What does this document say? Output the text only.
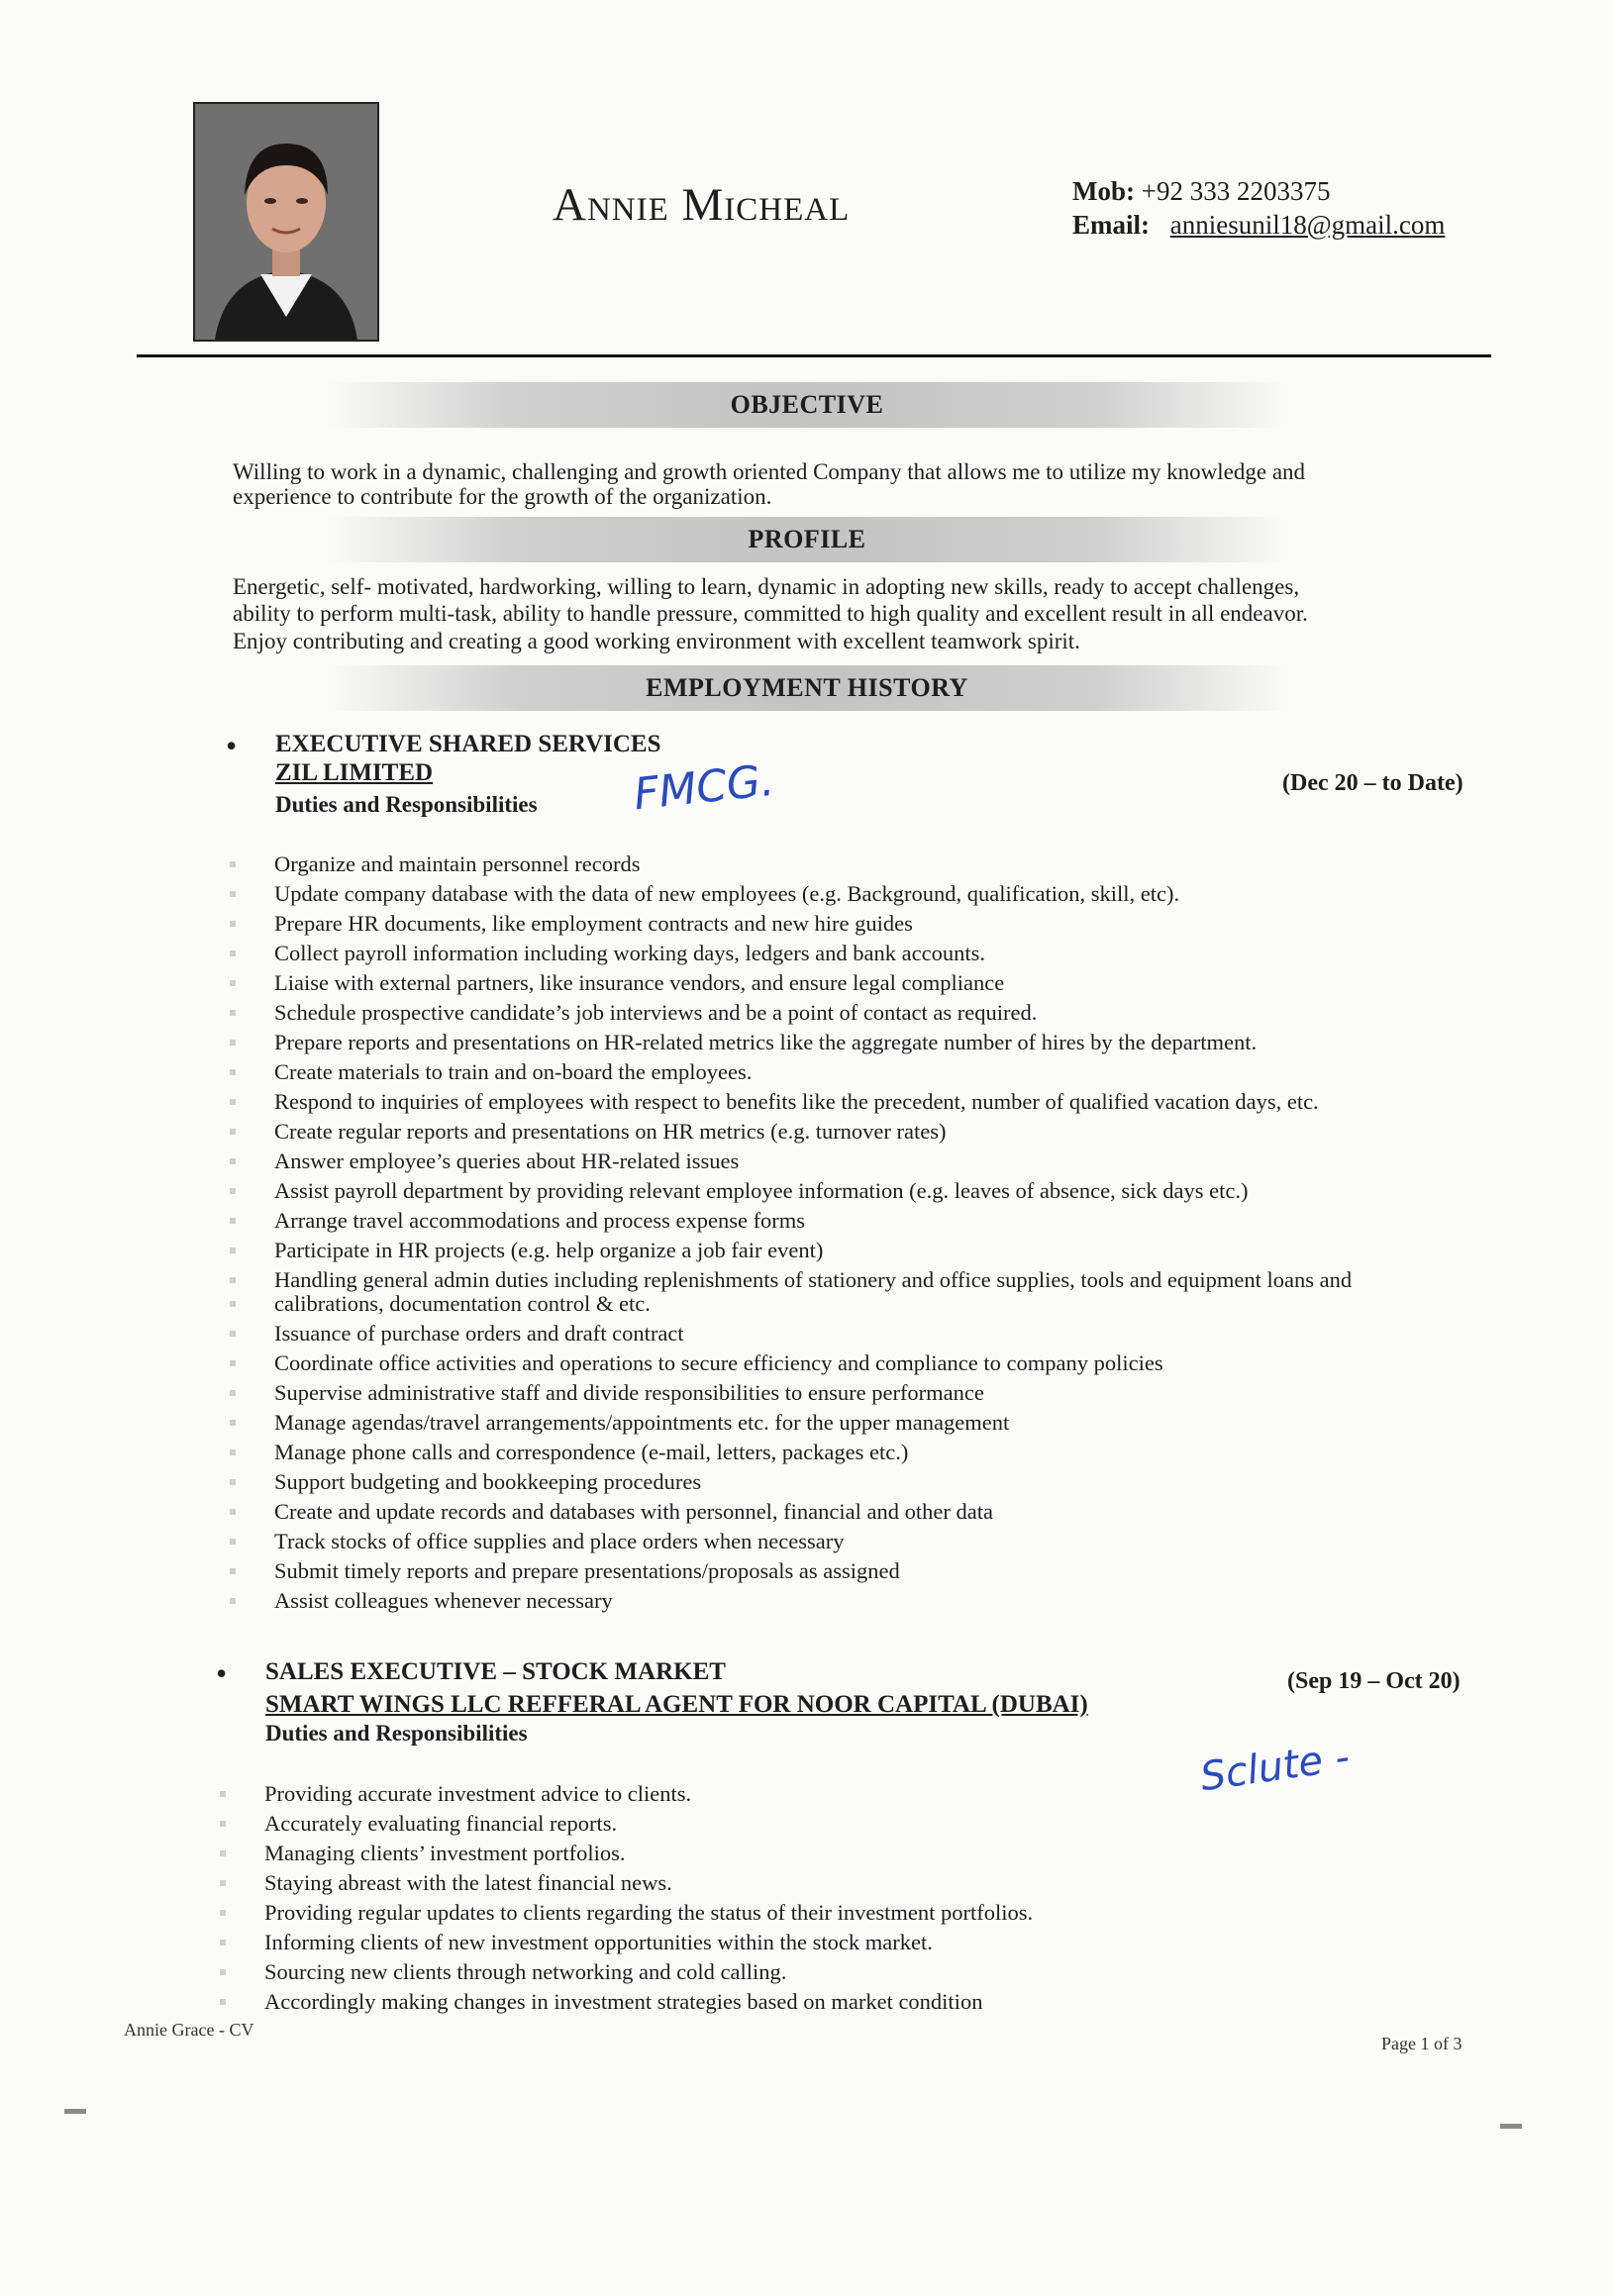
Annie Micheal	Mob: +92 333 2203375
Email: anniesunil18@gmail.com
OBJECTIVE
Willing to work in a dynamic, challenging and growth oriented Company that allows me to utilize my knowledge and
experience to contribute for the growth of the organization.
PROFILE
Energetic, self- motivated, hardworking, willing to learn, dynamic in adopting new skills, ready to accept challenges,
ability to perform multi-task, ability to handle pressure, committed to high quality and excellent result in all endeavor.
Enjoy contributing and creating a good working environment with excellent teamwork spirit.
EMPLOYMENT HISTORY
• EXECUTIVE SHARED SERVICES
ZIL LIMITED
Duties and Responsibilities
(Dec 20 – to Date)
FMCG.
Organize and maintain personnel records
Update company database with the data of new employees (e.g. Background, qualification, skill, etc).
Prepare HR documents, like employment contracts and new hire guides
Collect payroll information including working days, ledgers and bank accounts.
Liaise with external partners, like insurance vendors, and ensure legal compliance
Schedule prospective candidate’s job interviews and be a point of contact as required.
Prepare reports and presentations on HR-related metrics like the aggregate number of hires by the department.
Create materials to train and on-board the employees.
Respond to inquiries of employees with respect to benefits like the precedent, number of qualified vacation days, etc.
Create regular reports and presentations on HR metrics (e.g. turnover rates)
Answer employee’s queries about HR-related issues
Assist payroll department by providing relevant employee information (e.g. leaves of absence, sick days etc.)
Arrange travel accommodations and process expense forms
Participate in HR projects (e.g. help organize a job fair event)
Handling general admin duties including replenishments of stationery and office supplies, tools and equipment loans and
calibrations, documentation control & etc.
Issuance of purchase orders and draft contract
Coordinate office activities and operations to secure efficiency and compliance to company policies
Supervise administrative staff and divide responsibilities to ensure performance
Manage agendas/travel arrangements/appointments etc. for the upper management
Manage phone calls and correspondence (e-mail, letters, packages etc.)
Support budgeting and bookkeeping procedures
Create and update records and databases with personnel, financial and other data
Track stocks of office supplies and place orders when necessary
Submit timely reports and prepare presentations/proposals as assigned
Assist colleagues whenever necessary
• SALES EXECUTIVE – STOCK MARKET
SMART WINGS LLC REFFERAL AGENT FOR NOOR CAPITAL (DUBAI)
Duties and Responsibilities
(Sep 19 – Oct 20)
Sclute -
Providing accurate investment advice to clients.
Accurately evaluating financial reports.
Managing clients’ investment portfolios.
Staying abreast with the latest financial news.
Providing regular updates to clients regarding the status of their investment portfolios.
Informing clients of new investment opportunities within the stock market.
Sourcing new clients through networking and cold calling.
Accordingly making changes in investment strategies based on market condition
Annie Grace - CV
Page 1 of 3
